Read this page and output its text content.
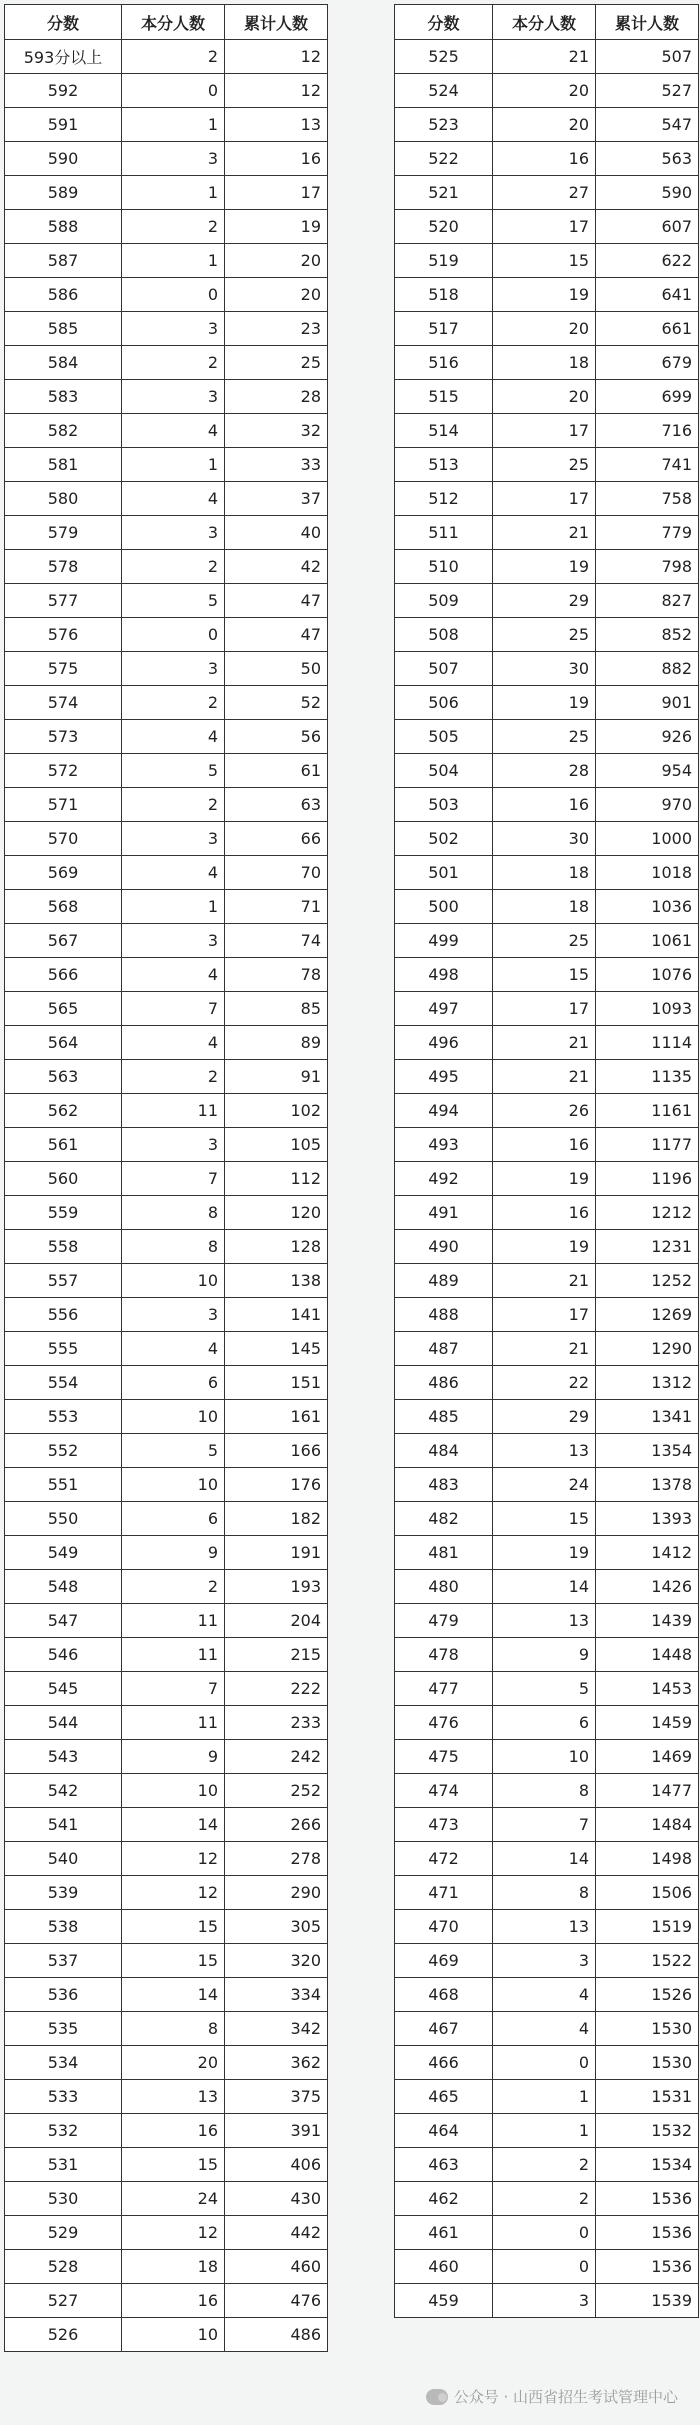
分数	本分人数	累计人数
593分以上	2	12
592	0	12
591	1	13
590	3	16
589	1	17
588	2	19
587	1	20
586	0	20
585	3	23
584	2	25
583	3	28
582	4	32
581	1	33
580	4	37
579	3	40
578	2	42
577	5	47
576	0	47
575	3	50
574	2	52
573	4	56
572	5	61
571	2	63
570	3	66
569	4	70
568	1	71
567	3	74
566	4	78
565	7	85
564	4	89
563	2	91
562	11	102
561	3	105
560	7	112
559	8	120
558	8	128
557	10	138
556	3	141
555	4	145
554	6	151
553	10	161
552	5	166
551	10	176
550	6	182
549	9	191
548	2	193
547	11	204
546	11	215
545	7	222
544	11	233
543	9	242
542	10	252
541	14	266
540	12	278
539	12	290
538	15	305
537	15	320
536	14	334
535	8	342
534	20	362
533	13	375
532	16	391
531	15	406
530	24	430
529	12	442
528	18	460
527	16	476
526	10	486
分数	本分人数	累计人数
525	21	507
524	20	527
523	20	547
522	16	563
521	27	590
520	17	607
519	15	622
518	19	641
517	20	661
516	18	679
515	20	699
514	17	716
513	25	741
512	17	758
511	21	779
510	19	798
509	29	827
508	25	852
507	30	882
506	19	901
505	25	926
504	28	954
503	16	970
502	30	1000
501	18	1018
500	18	1036
499	25	1061
498	15	1076
497	17	1093
496	21	1114
495	21	1135
494	26	1161
493	16	1177
492	19	1196
491	16	1212
490	19	1231
489	21	1252
488	17	1269
487	21	1290
486	22	1312
485	29	1341
484	13	1354
483	24	1378
482	15	1393
481	19	1412
480	14	1426
479	13	1439
478	9	1448
477	5	1453
476	6	1459
475	10	1469
474	8	1477
473	7	1484
472	14	1498
471	8	1506
470	13	1519
469	3	1522
468	4	1526
467	4	1530
466	0	1530
465	1	1531
464	1	1532
463	2	1534
462	2	1536
461	0	1536
460	0	1536
459	3	1539
公众号 · 山西省招生考试管理中心
